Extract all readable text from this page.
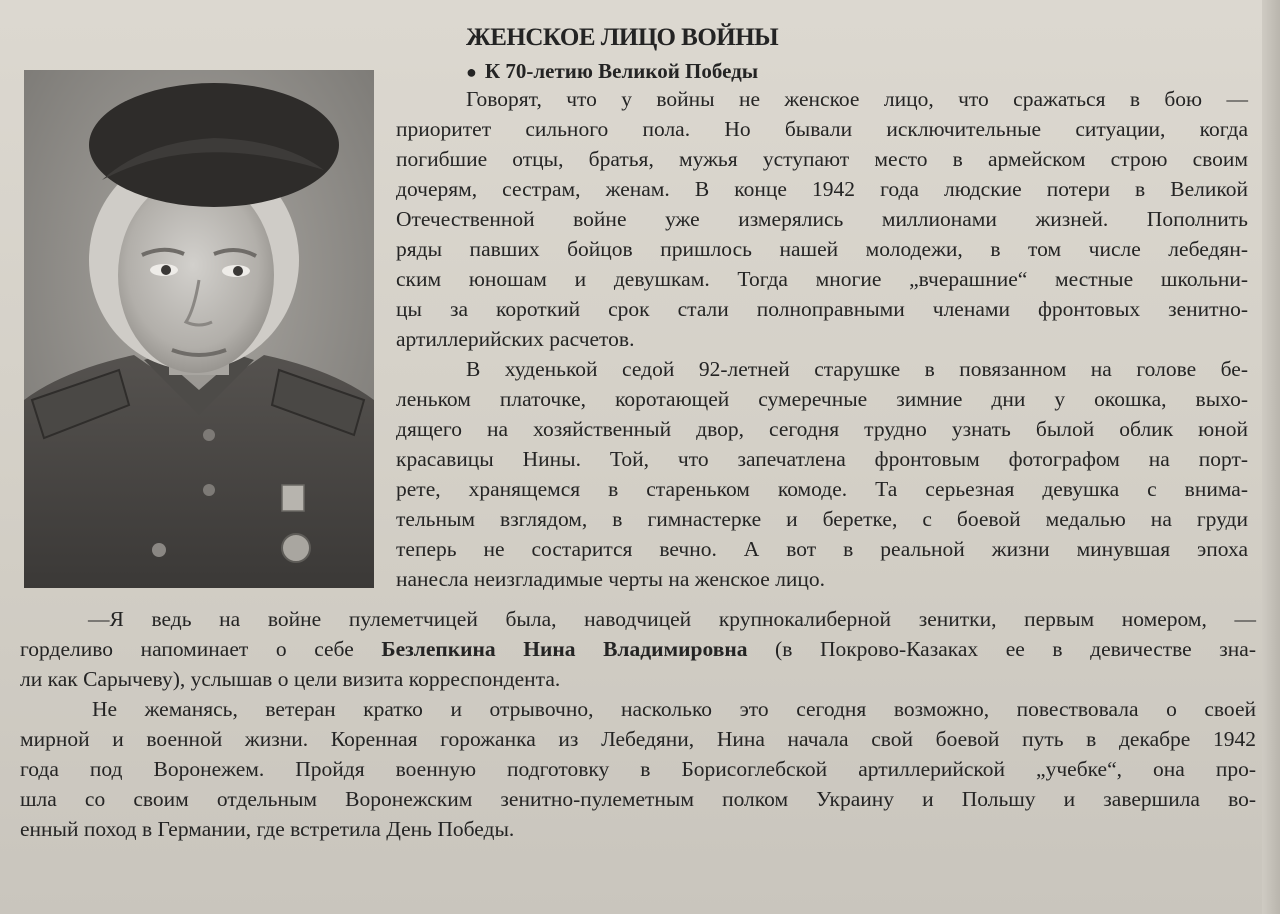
ЖЕНСКОЕ ЛИЦО ВОЙНЫ
● К 70-летию Великой Победы
Говорят, что у войны не женское лицо, что сражаться в бою —
приоритет сильного пола. Но бывали исключительные ситуации, когда
погибшие отцы, братья, мужья уступают место в армейском строю своим
дочерям, сестрам, женам. В конце 1942 года людские потери в Великой
Отечественной войне уже измерялись миллионами жизней. Пополнить
ряды павших бойцов пришлось нашей молодежи, в том числе лебедян-
ским юношам и девушкам. Тогда многие „вчерашние“ местные школьни-
цы за короткий срок стали полноправными членами фронтовых зенитно-
артиллерийских расчетов.
В худенькой седой 92-летней старушке в повязанном на голове бе-
леньком платочке, коротающей сумеречные зимние дни у окошка, выхо-
дящего на хозяйственный двор, сегодня трудно узнать былой облик юной
красавицы Нины. Той, что запечатлена фронтовым фотографом на порт-
рете, хранящемся в стареньком комоде. Та серьезная девушка с внима-
тельным взглядом, в гимнастерке и беретке, с боевой медалью на груди
теперь не состарится вечно. А вот в реальной жизни минувшая эпоха
нанесла неизгладимые черты на женское лицо.
—Я ведь на войне пулеметчицей была, наводчицей крупнокалиберной зенитки, первым номером, —
горделиво напоминает о себе Безлепкина Нина Владимировна (в Покрово-Казаках ее в девичестве зна-
ли как Сарычеву), услышав о цели визита корреспондента.
Не жеманясь, ветеран кратко и отрывочно, насколько это сегодня возможно, повествовала о своей
мирной и военной жизни. Коренная горожанка из Лебедяни, Нина начала свой боевой путь в декабре 1942
года под Воронежем. Пройдя военную подготовку в Борисоглебской артиллерийской „учебке“, она про-
шла со своим отдельным Воронежским зенитно-пулеметным полком Украину и Польшу и завершила во-
енный поход в Германии, где встретила День Победы.
